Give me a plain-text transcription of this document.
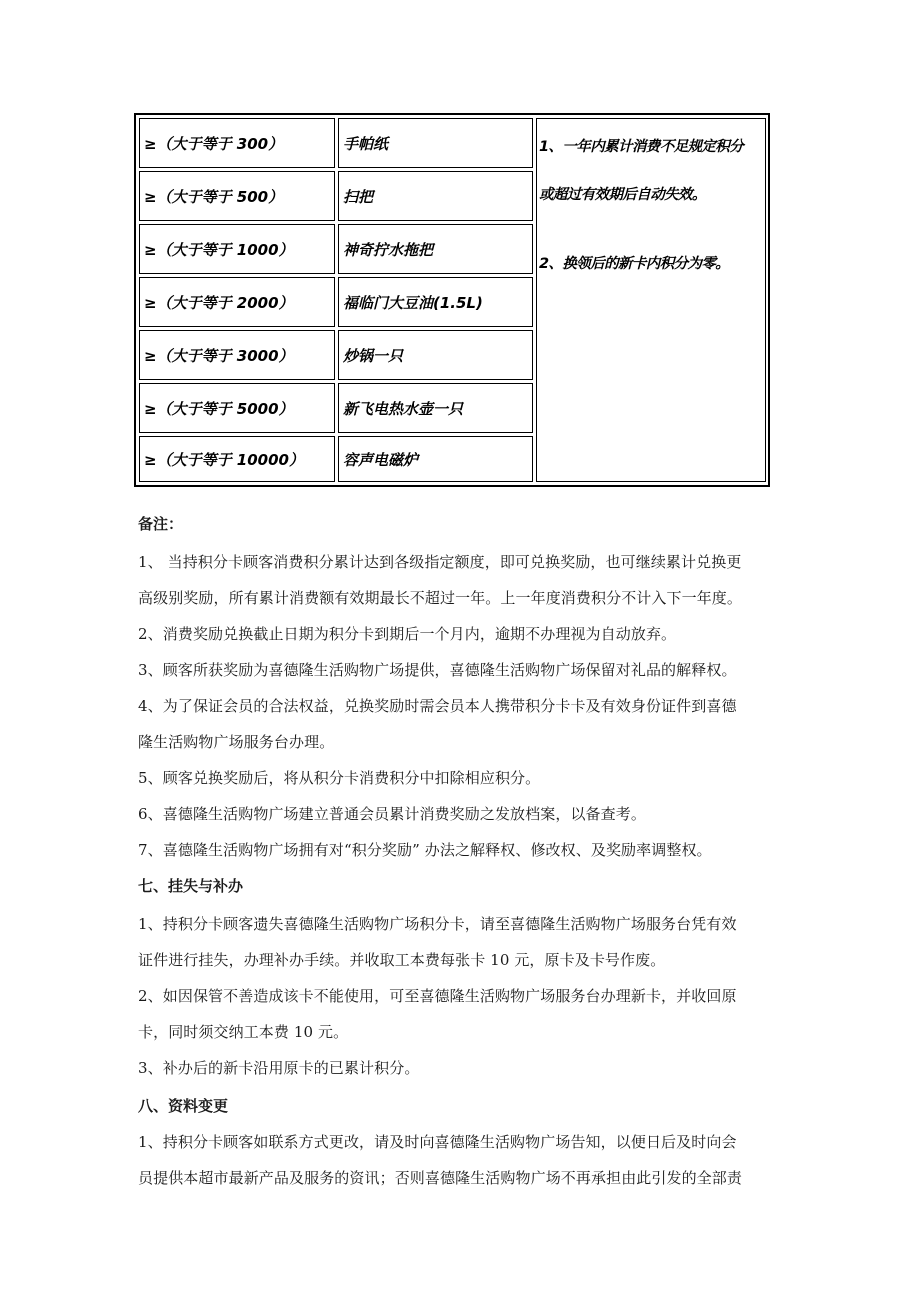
≥（大于等于 300）	手帕纸
≥（大于等于 500）	扫把
≥（大于等于 1000）	神奇拧水拖把
≥（大于等于 2000）	福临门大豆油(1.5L)
≥（大于等于 3000）	炒锅一只
≥（大于等于 5000）	新飞电热水壶一只
≥（大于等于 10000）	容声电磁炉
1、一年内累计消费不足规定积分
或超过有效期后自动失效。
2、换领后的新卡内积分为零。
备注：
1、 当持积分卡顾客消费积分累计达到各级指定额度，即可兑换奖励，也可继续累计兑换更
高级别奖励，所有累计消费额有效期最长不超过一年。上一年度消费积分不计入下一年度。
2、消费奖励兑换截止日期为积分卡到期后一个月内，逾期不办理视为自动放弃。
3、顾客所获奖励为喜德隆生活购物广场提供，喜德隆生活购物广场保留对礼品的解释权。
4、为了保证会员的合法权益，兑换奖励时需会员本人携带积分卡卡及有效身份证件到喜德
隆生活购物广场服务台办理。
5、顾客兑换奖励后，将从积分卡消费积分中扣除相应积分。
6、喜德隆生活购物广场建立普通会员累计消费奖励之发放档案，以备查考。
7、喜德隆生活购物广场拥有对“积分奖励” 办法之解释权、修改权、及奖励率调整权。
七、挂失与补办
1、持积分卡顾客遗失喜德隆生活购物广场积分卡，请至喜德隆生活购物广场服务台凭有效
证件进行挂失，办理补办手续。并收取工本费每张卡 10 元，原卡及卡号作废。
2、如因保管不善造成该卡不能使用，可至喜德隆生活购物广场服务台办理新卡，并收回原
卡，同时须交纳工本费 10 元。
3、补办后的新卡沿用原卡的已累计积分。
八、资料变更
1、持积分卡顾客如联系方式更改，请及时向喜德隆生活购物广场告知，以便日后及时向会
员提供本超市最新产品及服务的资讯；否则喜德隆生活购物广场不再承担由此引发的全部责
